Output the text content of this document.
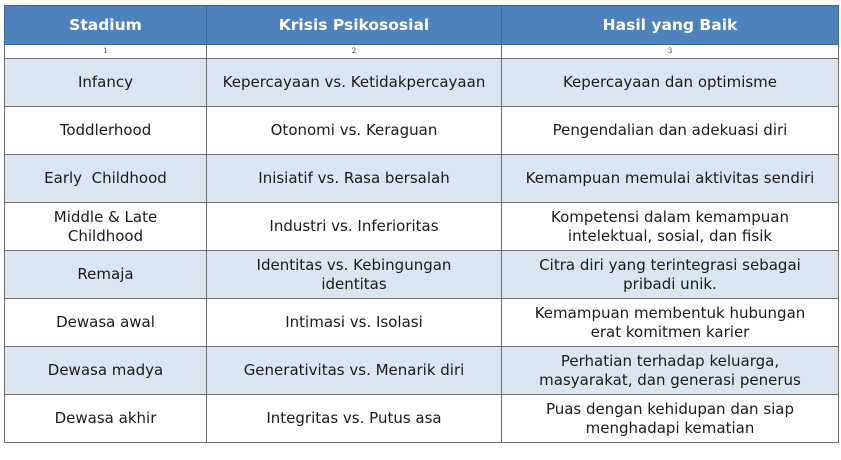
Stadium	Krisis Psikososial	Hasil yang Baik
1	2	3
Infancy	Kepercayaan vs. Ketidakpercayaan	Kepercayaan dan optimisme
Toddlerhood	Otonomi vs. Keraguan	Pengendalian dan adekuasi diri
Early  Childhood	Inisiatif vs. Rasa bersalah	Kemampuan memulai aktivitas sendiri
Middle & Late Childhood	Industri vs. Inferioritas	Kompetensi dalam kemampuan intelektual, sosial, dan fisik
Remaja	Identitas vs. Kebingungan identitas	Citra diri yang terintegrasi sebagai pribadi unik.
Dewasa awal	Intimasi vs. Isolasi	Kemampuan membentuk hubungan erat komitmen karier
Dewasa madya	Generativitas vs. Menarik diri	Perhatian terhadap keluarga, masyarakat, dan generasi penerus
Dewasa akhir	Integritas vs. Putus asa	Puas dengan kehidupan dan siap menghadapi kematian
